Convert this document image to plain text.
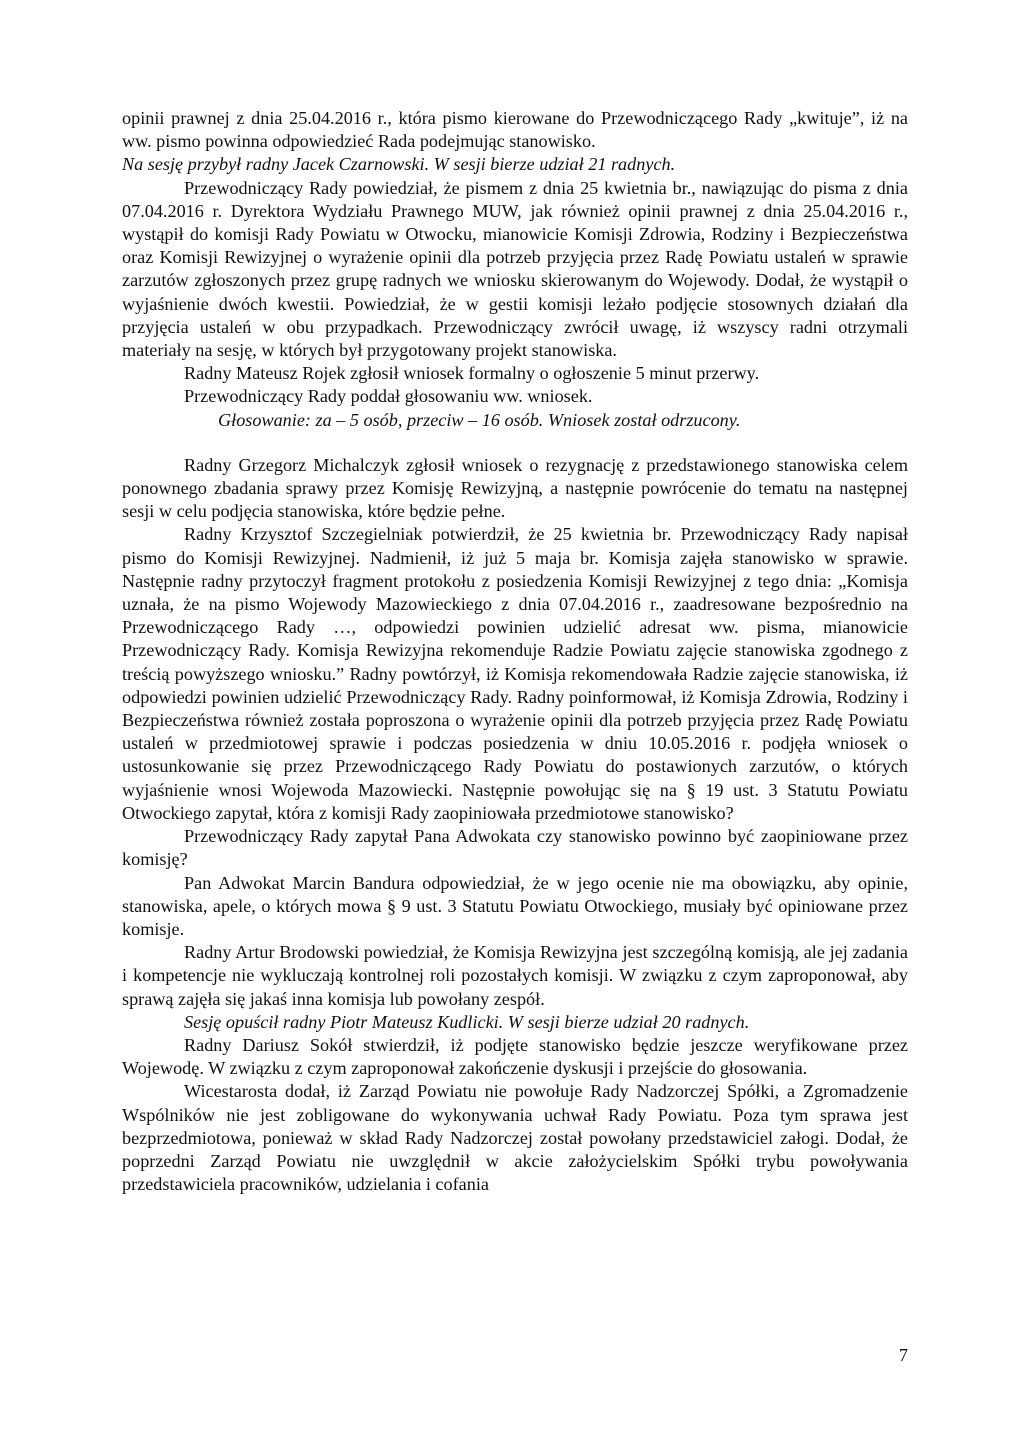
opinii prawnej z dnia 25.04.2016 r., która pismo kierowane do Przewodniczącego Rady „kwituje”, iż na ww. pismo powinna odpowiedzieć Rada podejmując stanowisko.

Na sesję przybył radny Jacek Czarnowski. W sesji bierze udział 21 radnych.

Przewodniczący Rady powiedział, że pismem z dnia 25 kwietnia br., nawiązując do pisma z dnia 07.04.2016 r. Dyrektora Wydziału Prawnego MUW, jak również opinii prawnej z dnia 25.04.2016 r., wystąpił do komisji Rady Powiatu w Otwocku, mianowicie Komisji Zdrowia, Rodziny i Bezpieczeństwa oraz Komisji Rewizyjnej o wyrażenie opinii dla potrzeb przyjęcia przez Radę Powiatu ustaleń w sprawie zarzutów zgłoszonych przez grupę radnych we wniosku skierowanym do Wojewody. Dodał, że wystąpił o wyjaśnienie dwóch kwestii. Powiedział, że w gestii komisji leżało podjęcie stosownych działań dla przyjęcia ustaleń w obu przypadkach. Przewodniczący zwrócił uwagę, iż wszyscy radni otrzymali materiały na sesję, w których był przygotowany projekt stanowiska.

Radny Mateusz Rojek zgłosił wniosek formalny o ogłoszenie 5 minut przerwy.

Przewodniczący Rady poddał głosowaniu ww. wniosek.

Głosowanie: za – 5 osób, przeciw – 16 osób. Wniosek został odrzucony.

Radny Grzegorz Michalczyk zgłosił wniosek o rezygnację z przedstawionego stanowiska celem ponownego zbadania sprawy przez Komisję Rewizyjną, a następnie powrócenie do tematu na następnej sesji w celu podjęcia stanowiska, które będzie pełne.

Radny Krzysztof Szczegielniak potwierdził, że 25 kwietnia br. Przewodniczący Rady napisał pismo do Komisji Rewizyjnej. Nadmienił, iż już 5 maja br. Komisja zajęła stanowisko w sprawie. Następnie radny przytoczył fragment protokołu z posiedzenia Komisji Rewizyjnej z tego dnia: „Komisja uznała, że na pismo Wojewody Mazowieckiego z dnia 07.04.2016 r., zaadresowane bezpośrednio na Przewodniczącego Rady …, odpowiedzi powinien udzielić adresat ww. pisma, mianowicie Przewodniczący Rady. Komisja Rewizyjna rekomenduje Radzie Powiatu zajęcie stanowiska zgodnego z treścią powyższego wniosku.” Radny powtórzył, iż Komisja rekomendowała Radzie zajęcie stanowiska, iż odpowiedzi powinien udzielić Przewodniczący Rady. Radny poinformował, iż Komisja Zdrowia, Rodziny i Bezpieczeństwa również została poproszona o wyrażenie opinii dla potrzeb przyjęcia przez Radę Powiatu ustaleń w przedmiotowej sprawie i podczas posiedzenia w dniu 10.05.2016 r. podjęła wniosek o ustosunkowanie się przez Przewodniczącego Rady Powiatu do postawionych zarzutów, o których wyjaśnienie wnosi Wojewoda Mazowiecki. Następnie powołując się na § 19 ust. 3 Statutu Powiatu Otwockiego zapytał, która z komisji Rady zaopiniowała przedmiotowe stanowisko?

Przewodniczący Rady zapytał Pana Adwokata czy stanowisko powinno być zaopiniowane przez komisję?

Pan Adwokat Marcin Bandura odpowiedział, że w jego ocenie nie ma obowiązku, aby opinie, stanowiska, apele, o których mowa § 9 ust. 3 Statutu Powiatu Otwockiego, musiały być opiniowane przez komisje.

Radny Artur Brodowski powiedział, że Komisja Rewizyjna jest szczególną komisją, ale jej zadania i kompetencje nie wykluczają kontrolnej roli pozostałych komisji. W związku z czym zaproponował, aby sprawą zajęła się jakaś inna komisja lub powołany zespół.

Sesję opuścił radny Piotr Mateusz Kudlicki. W sesji bierze udział 20 radnych.

Radny Dariusz Sokół stwierdził, iż podjęte stanowisko będzie jeszcze weryfikowane przez Wojewodę. W związku z czym zaproponował zakończenie dyskusji i przejście do głosowania.

Wicestarosta dodał, iż Zarząd Powiatu nie powołuje Rady Nadzorczej Spółki, a Zgromadzenie Wspólników nie jest zobligowane do wykonywania uchwał Rady Powiatu. Poza tym sprawa jest bezprzedmiotowa, ponieważ w skład Rady Nadzorczej został powołany przedstawiciel załogi. Dodał, że poprzedni Zarząd Powiatu nie uwzględnił w akcie założycielskim Spółki trybu powoływania przedstawiciela pracowników, udzielania i cofania

7
